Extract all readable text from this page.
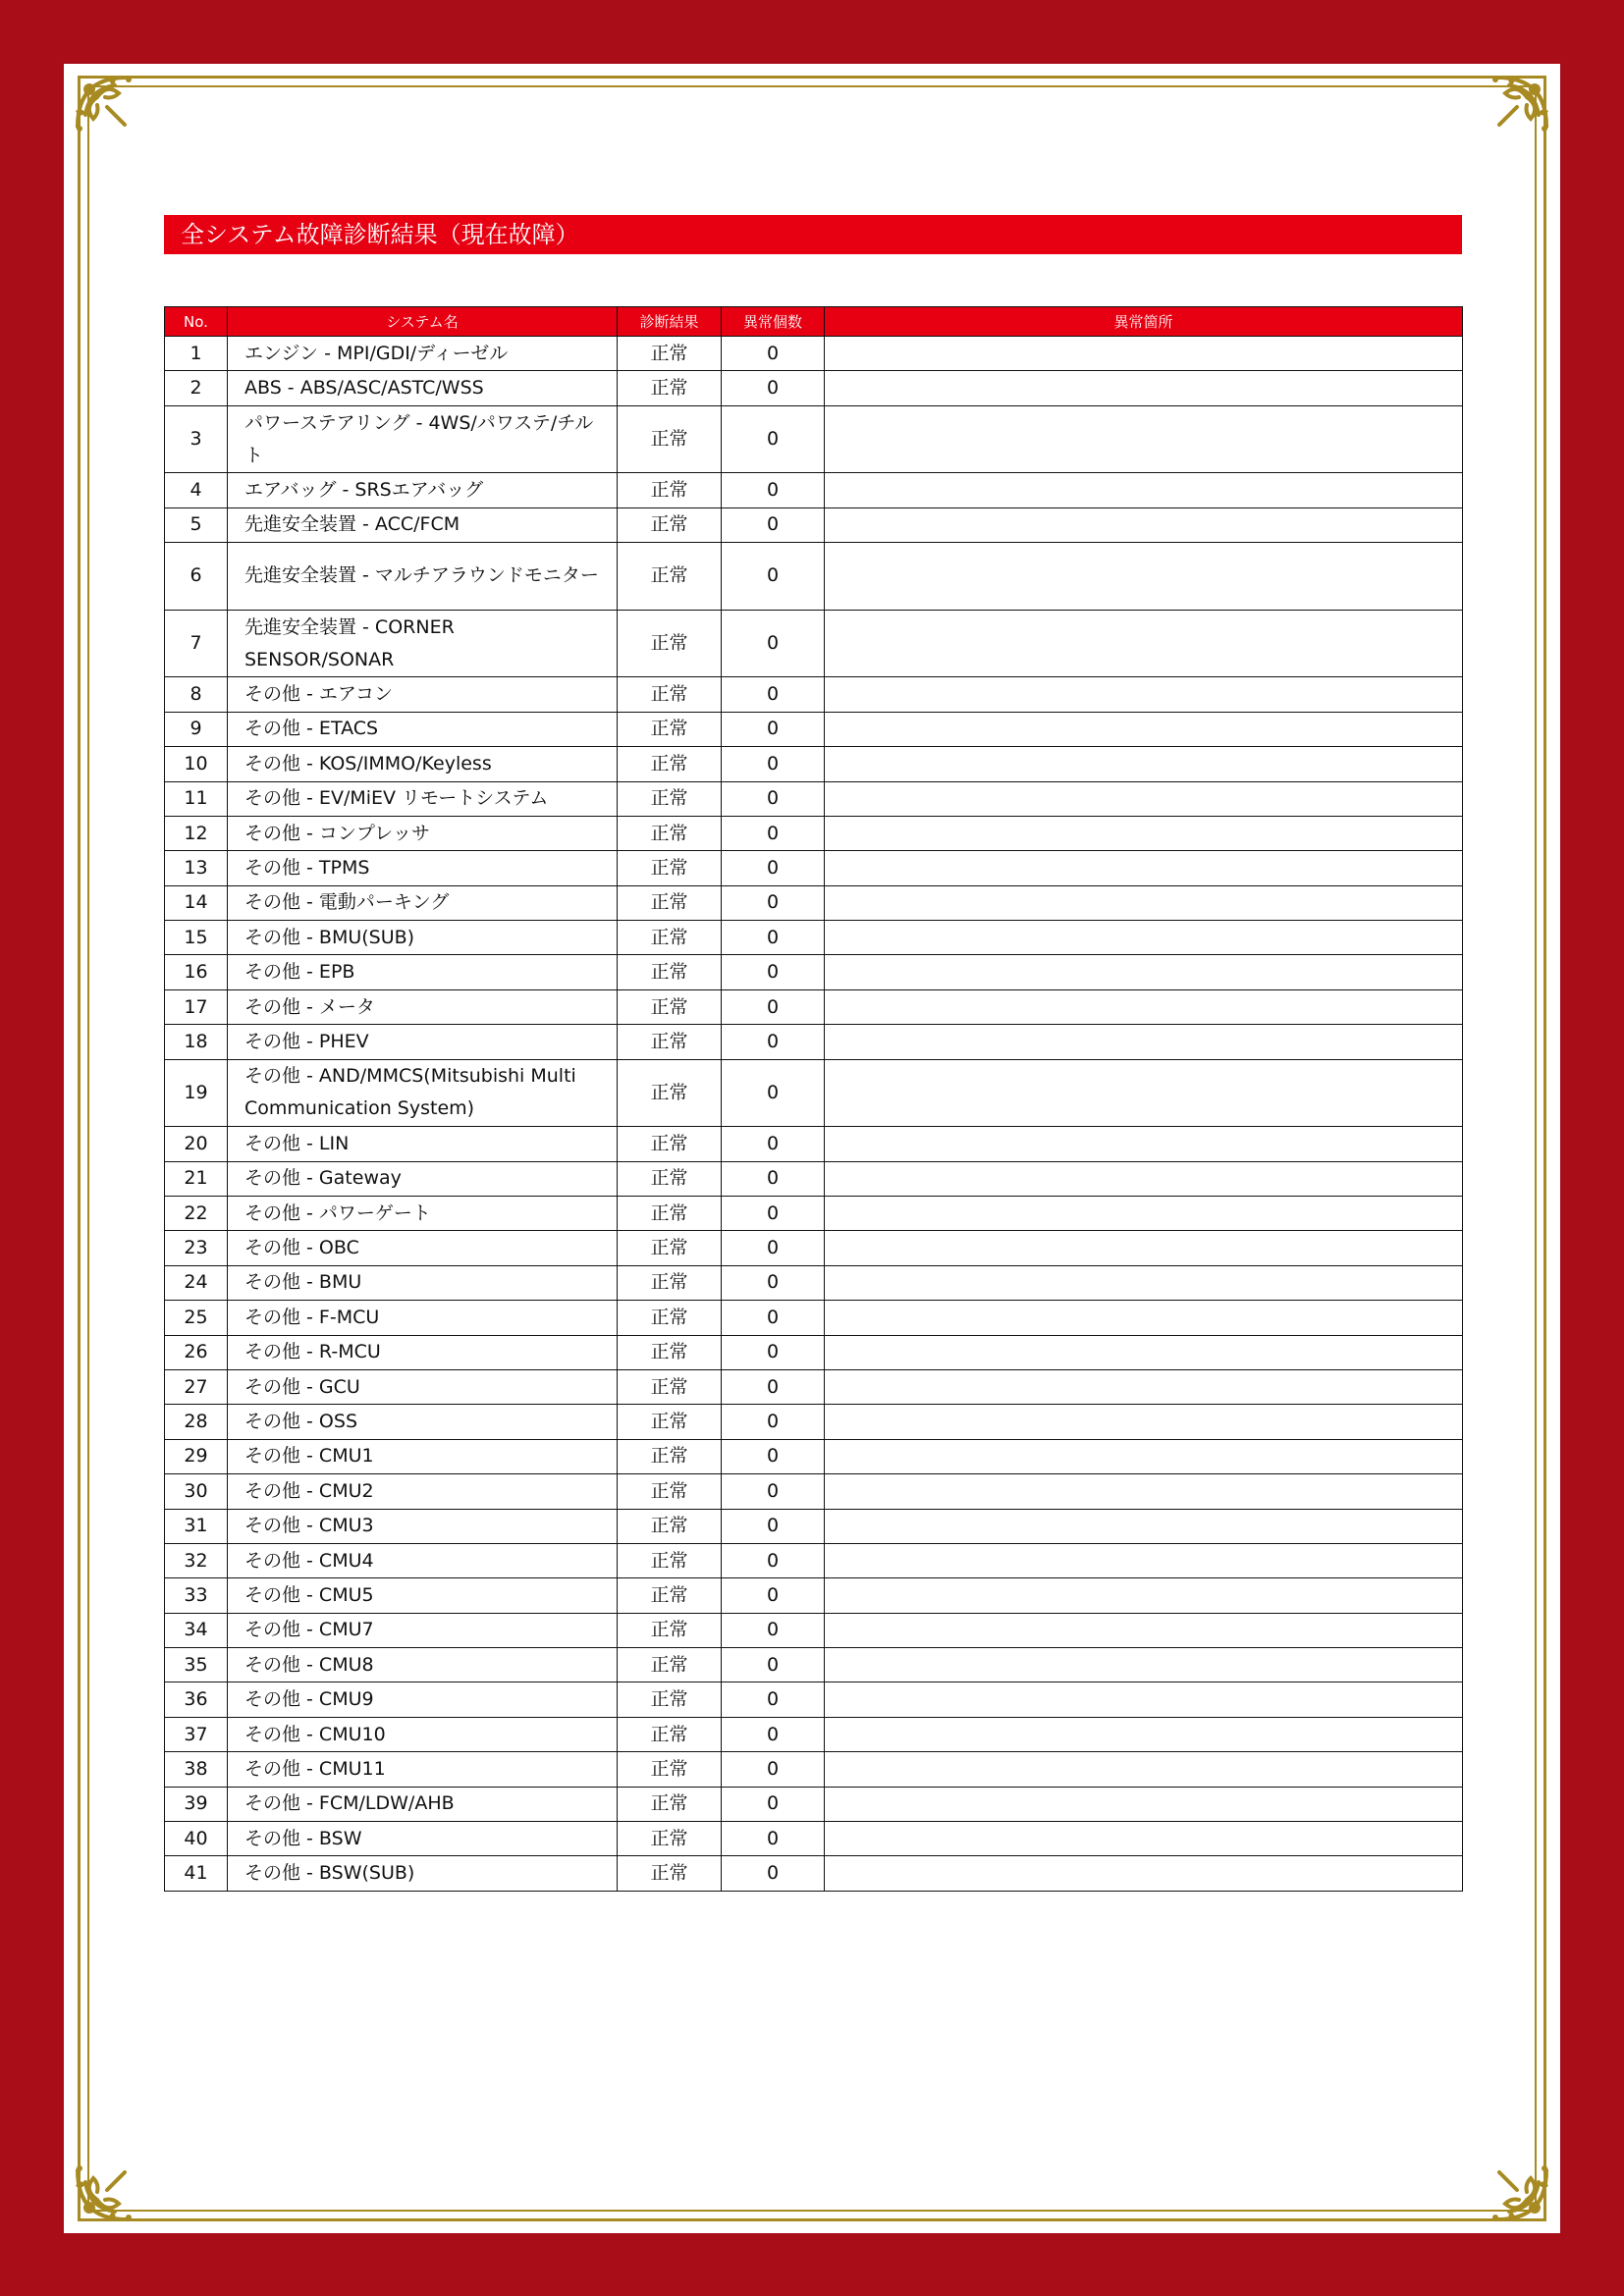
全システム故障診断結果（現在故障）
No.	システム名	診断結果	異常個数	異常箇所
1	エンジン - MPI/GDI/ディーゼル	正常	0	
2	ABS - ABS/ASC/ASTC/WSS	正常	0	
3	パワーステアリング - 4WS/パワステ/チルト	正常	0	
4	エアバッグ - SRSエアバッグ	正常	0	
5	先進安全装置 - ACC/FCM	正常	0	
6	先進安全装置 - マルチアラウンドモニター	正常	0	
7	先進安全装置 - CORNER SENSOR/SONAR	正常	0	
8	その他 - エアコン	正常	0	
9	その他 - ETACS	正常	0	
10	その他 - KOS/IMMO/Keyless	正常	0	
11	その他 - EV/MiEV リモートシステム	正常	0	
12	その他 - コンプレッサ	正常	0	
13	その他 - TPMS	正常	0	
14	その他 - 電動パーキング	正常	0	
15	その他 - BMU(SUB)	正常	0	
16	その他 - EPB	正常	0	
17	その他 - メータ	正常	0	
18	その他 - PHEV	正常	0	
19	その他 - AND/MMCS(Mitsubishi Multi Communication System)	正常	0	
20	その他 - LIN	正常	0	
21	その他 - Gateway	正常	0	
22	その他 - パワーゲート	正常	0	
23	その他 - OBC	正常	0	
24	その他 - BMU	正常	0	
25	その他 - F-MCU	正常	0	
26	その他 - R-MCU	正常	0	
27	その他 - GCU	正常	0	
28	その他 - OSS	正常	0	
29	その他 - CMU1	正常	0	
30	その他 - CMU2	正常	0	
31	その他 - CMU3	正常	0	
32	その他 - CMU4	正常	0	
33	その他 - CMU5	正常	0	
34	その他 - CMU7	正常	0	
35	その他 - CMU8	正常	0	
36	その他 - CMU9	正常	0	
37	その他 - CMU10	正常	0	
38	その他 - CMU11	正常	0	
39	その他 - FCM/LDW/AHB	正常	0	
40	その他 - BSW	正常	0	
41	その他 - BSW(SUB)	正常	0	
